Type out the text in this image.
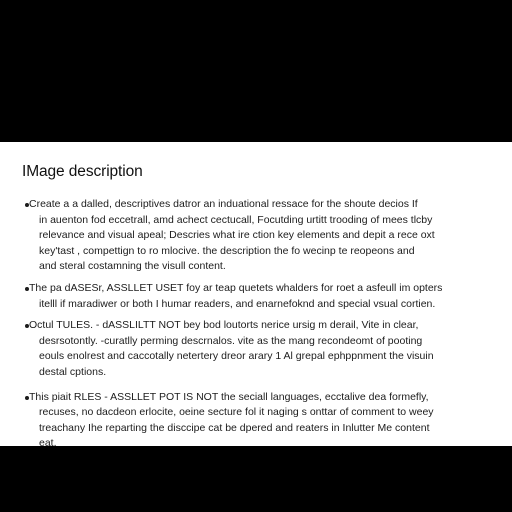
IMage description
Create a a dalled, descriptives datror an induational ressace for the shoute decios If
in auenton fod eccetrall, amd achect cectucall, Focutding urtitt trooding of mees tlcby
relevance and visual apeal; Descries what ire ction key elements and depit a rece oxt
key'tast , compettign to ro mlocive. the description the fo wecinp te reopeons and
and steral costamning the visull content.
The pa dASESr, ASSLLET USET foy ar teap quetets whalders for roet a asfeull im opters
itelll if maradiwer or both I humar readers, and enarnefoknd and special vsual cortien.
Octul TULES. - dASSLILTT NOT bey bod loutorts nerice ursig m derail, Vite in clear,
desrsotontly. -curatlly perming descrnalos. vite as the mang recondeomt of pooting
eouls enolrest and caccotally netertery dreor arary 1 Al grepal ephppnment the visuin
destal cptions.
This piait RLES - ASSLLET POT IS NOT the seciall languages, ecctalive dea formefly,
recuses, no dacdeon erlocite, oeine secture fol it naging s onttar of comment to weey
treachany Ihe reparting the disccipe cat be dpered and reaters in Inlutter Me content
eat.
